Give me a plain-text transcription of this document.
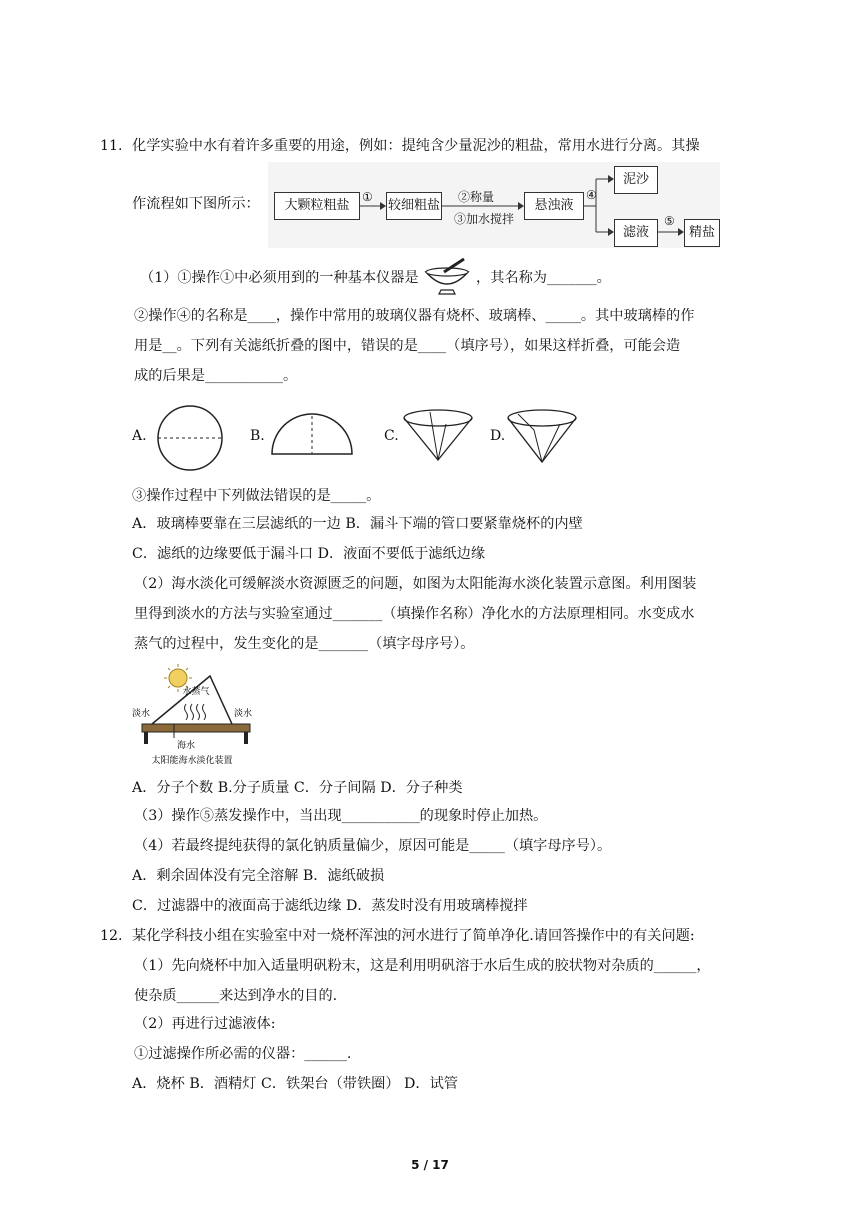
11. 化学实验中水有着许多重要的用途，例如：提纯含少量泥沙的粗盐，常用水进行分离。其操
作流程如下图所示：	大颗粒粗盐
①
较细粗盐
②称量
③加水搅拌
悬浊液
④
泥沙
滤液
⑤
精盐
（1）①操作①中必须用到的一种基本仪器是	，其名称为_______。
②操作④的名称是____，操作中常用的玻璃仪器有烧杯、玻璃棒、_____。其中玻璃棒的作
用是__。下列有关滤纸折叠的图中，错误的是____（填序号），如果这样折叠，可能会造
成的后果是___________。
A.	B.	C.	D.
③操作过程中下列做法错误的是_____。
A．玻璃棒要靠在三层滤纸的一边 B．漏斗下端的管口要紧靠烧杯的内壁
C．滤纸的边缘要低于漏斗口 D．液面不要低于滤纸边缘
（2）海水淡化可缓解淡水资源匮乏的问题，如图为太阳能海水淡化装置示意图。利用图装
里得到淡水的方法与实验室通过_______（填操作名称）净化水的方法原理相同。水变成水
蒸气的过程中，发生变化的是_______（填字母序号）。
水蒸气
淡水	淡水
海水
太阳能海水淡化装置
A．分子个数 B.分子质量 C．分子间隔 D．分子种类
（3）操作⑤蒸发操作中，当出现___________的现象时停止加热。
（4）若最终提纯获得的氯化钠质量偏少，原因可能是_____（填字母序号）。
A．剩余固体没有完全溶解 B．滤纸破损
C．过滤器中的液面高于滤纸边缘 D．蒸发时没有用玻璃棒搅拌
12. 某化学科技小组在实验室中对一烧杯浑浊的河水进行了简单净化.请回答操作中的有关问题:
（1）先向烧杯中加入适量明矾粉末，这是利用明矾溶于水后生成的胶状物对杂质的______，
使杂质______来达到净水的目的.
（2）再进行过滤液体:
①过滤操作所必需的仪器：______.
A．烧杯 B．酒精灯 C．铁架台（带铁圈） D．试管
5 / 17
